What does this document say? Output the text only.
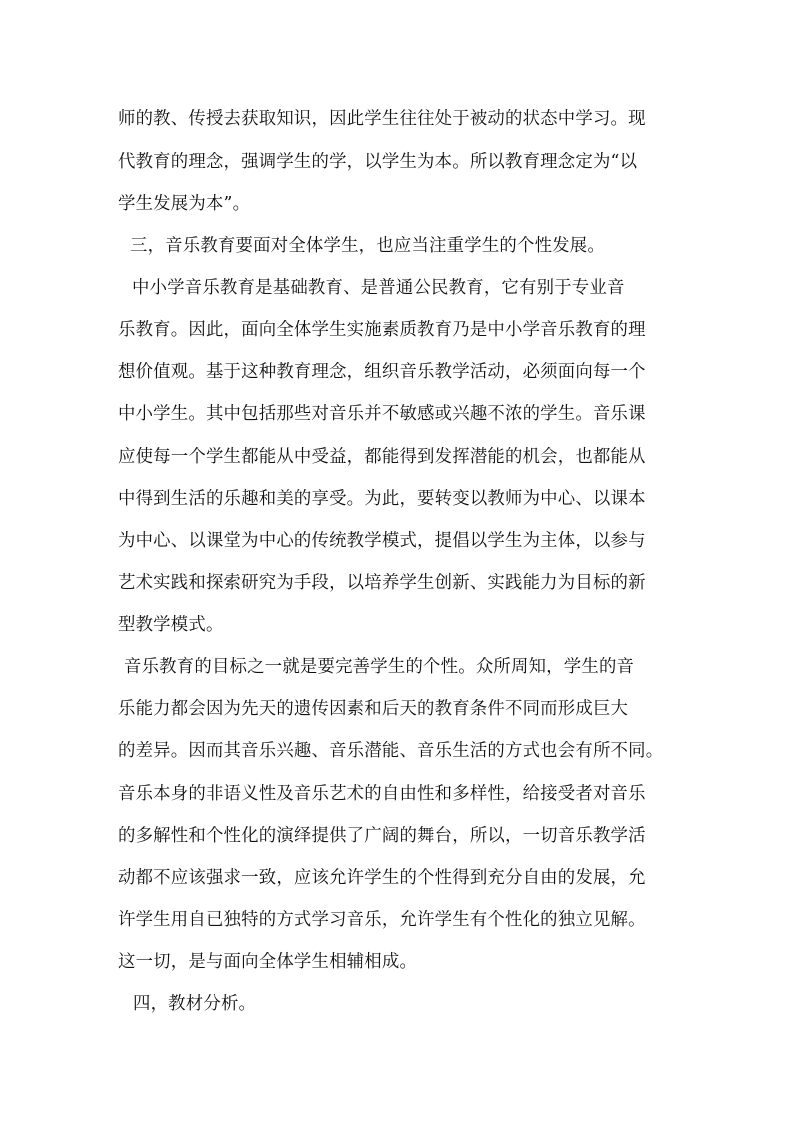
师的教、传授去获取知识，因此学生往往处于被动的状态中学习。现
代教育的理念，强调学生的学，以学生为本。所以教育理念定为“以
学生发展为本”。
三，音乐教育要面对全体学生，也应当注重学生的个性发展。
中小学音乐教育是基础教育、是普通公民教育，它有别于专业音
乐教育。因此，面向全体学生实施素质教育乃是中小学音乐教育的理
想价值观。基于这种教育理念，组织音乐教学活动，必须面向每一个
中小学生。其中包括那些对音乐并不敏感或兴趣不浓的学生。音乐课
应使每一个学生都能从中受益，都能得到发挥潜能的机会，也都能从
中得到生活的乐趣和美的享受。为此，要转变以教师为中心、以课本
为中心、以课堂为中心的传统教学模式，提倡以学生为主体，以参与
艺术实践和探索研究为手段，以培养学生创新、实践能力为目标的新
型教学模式。
音乐教育的目标之一就是要完善学生的个性。众所周知，学生的音
乐能力都会因为先天的遗传因素和后天的教育条件不同而形成巨大
的差异。因而其音乐兴趣、音乐潜能、音乐生活的方式也会有所不同。
音乐本身的非语义性及音乐艺术的自由性和多样性，给接受者对音乐
的多解性和个性化的演绎提供了广阔的舞台，所以，一切音乐教学活
动都不应该强求一致，应该允许学生的个性得到充分自由的发展，允
许学生用自已独特的方式学习音乐，允许学生有个性化的独立见解。
这一切，是与面向全体学生相辅相成。
四，教材分析。
